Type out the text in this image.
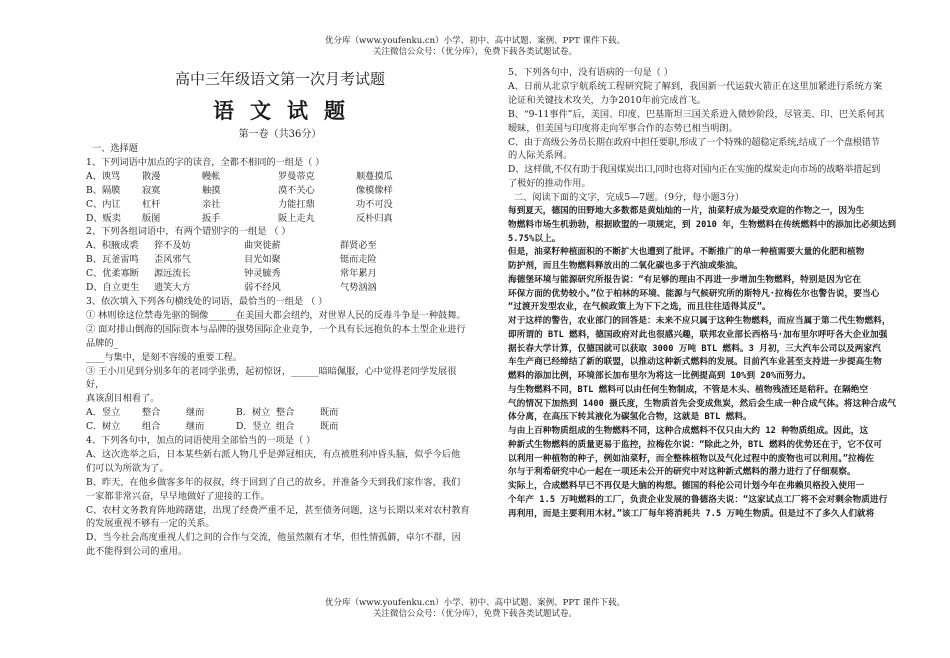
优分库（www.youfenku.cn）小学、初中、高中试题、案例、PPT 课件下载。
关注微信公众号：（优分库），免费下载各类试题试卷。
高中三年级语文第一次月考试题
语文试题
第一卷（共36分）
一、选择题
1、下列词语中加点的字的读音，全都不相同的一组是（ ）
A、谀骂	散漫	幔帐	罗曼蒂克	顺蔓摸瓜
B、隔膜	寂寞	触摸	漠不关心	像模像样
C、内讧	杠杆	亲社	力能扛鼎	功不可没
D、贩卖	版图	扳手	阪上走丸	反朴归真
2、下列各组词语中，有两个错别字的一组是 （ ）
A、积腋成裘	猝不及妨	曲突徙薪	群贤必至
B、瓦釜雷鸣	歪风邪气	目光如聚	铤而走险
C、优柔寡断	源远流长	钟灵毓秀	常年累月
D、自立更生	遗笑大方	弱不经风	气势汹汹
3、依次填入下列各句横线处的词语，最恰当的一组是 （ ）
① 林则徐这位禁毒先驱的铜像______在美国大都会纽约，对世界人民的反毒斗争是一种鼓舞。
② 面对排山倒海的国际资本与品牌的强势国际企业竞争，一个具有长远抱负的本土型企业进行品牌的_
____与集中，是刻不容缓的重要工程。
③ 王小川见到分别多年的老同学张勇，起初惊讶，______暗暗佩服，心中觉得老同学发展很好，
真该刮目相看了。
A．竖立 整合	继而	B．树立 整合	既而
C．树立 组合	继而	D．竖立 组合	既而
4、下列各句中，加点的词语使用全部恰当的一项是（ ）
A、这次选举之后，日本某些新右派人物几乎是弹冠相庆，有点被胜利冲昏头脑，似乎今后他
们可以为所欲为了。
B、昨天，在他乡做客多年的叔叔，终于回到了自己的故乡，并准备今天到我们家作客，我们
一家都非常兴奋，早早地做好了迎接的工作。
C、农村文务教育阵地踌躇建，出现了经费严重不足，甚至债务问题，这与长期以来对农村教育
的发展重视不够有一定的关系。
D、当今社会高度重视人们之间的合作与交流，他虽然颇有才华，但性情孤僻，卓尔不群，因
此不能得到公司的重用。
5、下列各句中，没有语病的一句是（ ）
A、日前从北京宇航系统工程研究院了解到，我国新一代运载火箭正在这里加紧进行系统方案
论证和关键技术攻关，力争2010年前完成首飞。
B、“9-11事件”后，美国、印度、巴基斯坦三国关系进入微妙阶段，尽管美、印、巴关系何其
暧昧，但美国与印度将走向军事合作的态势已相当明朗。
C、由于高级公务员长期在政府中担任要职,形成了一个特殊的超稳定系统,结成了一个盘根错节
的人际关系网。
D、这样做,不仅有助于我国煤炭出口,同时也将对国内正在实施的煤炭走向市场的战略举措起到
了极好的推动作用。
二、阅读下面的文字，完成5—7题。（9分，每小题3分）
每到夏天，德国的田野地大多数都是黄灿灿的一片，油菜籽成为最受欢迎的作物之一，因为生
物燃料市场生机勃勃，根据欧盟的一项规定，到 2010 年，生物燃料在传统燃料中的添加比必须达到
5.75%以上。
但是，油菜籽种植面积的不断扩大也遭到了批评。不断推广的单一种植需要大量的化肥和植物
防护剂，而且生物燃料释放出的二氧化碳也多于汽油或柴油。
海德堡环境与能源研究所报告说：“有足够的理由不再进一步增加生物燃料，特别是因为它在
环保方面的优势较小。”位于柏林的环境、能源与气候研究所的斯特凡·拉梅佐尔也警告说，要当心
“过渡开发型农业，在气候政策上为下下之选，而且往往适得其反”。
对于这样的警告，农业部门的回答是：未来不应只属于这种生物燃料，而应当属于第二代生物燃料，
即所谓的 BTL 燃料，德国政府对此也很感兴趣，联邦农业部长西格马·加布里尔呼吁各大企业加强
据长春大学计算，仅德国就可以获取 3000 万吨 BTL 燃料。3 月初，三大汽车公司以及两家汽
车生产商已经缔结了新的联盟，以推动这种新式燃料的发展。目前汽车业甚至支持进一步提高生物
燃料的添加比例，环境部长加布里尔为将这一比例提高到 10%到 20%而努力。
与生物燃料不同，BTL 燃料可以由任何生物制成，不管是木头、植物残渣还是秸秆。在隔绝空
气的情况下加热到 1400 摄氏度，生物质首先会变成焦炭，然后会生成一种合成气体。将这种合成气
体分离，在高压下转其液化为碳氢化合物，这就是 BTL 燃料。
与由上百种物质组成的生物燃料不同，这种合成燃料不仅只由大约 12 种物质组成。因此，这
种新式生物燃料的质量更易于监控，拉梅佐尔说：“除此之外，BTL 燃料的优势还在于，它不仅可
以利用一种植物的种子，例如油菜籽，而全整株植物以及气化过程中的废物也可以利用。”拉梅佐
尔与于利希研究中心一起在一项还未公开的研究中对这种新式燃料的潜力进行了仔细观察。
实际上，合成燃料早已不再仅是大脑的构想。德国的科伦公司计划今年在弗赖贝格投入使用一
个年产 1.5 万吨燃料的工厂，负责企业发展的鲁德洛夫说：“这家试点工厂将不会对剩余物质进行
再利用，而是主要利用木材。”该工厂每年将消耗共 7.5 万吨生物质。但是过不了多久人们就将
优分库（www.youfenku.cn）小学、初中、高中试题、案例、PPT 课件下载。
关注微信公众号：（优分库），免费下载各类试题试卷。
